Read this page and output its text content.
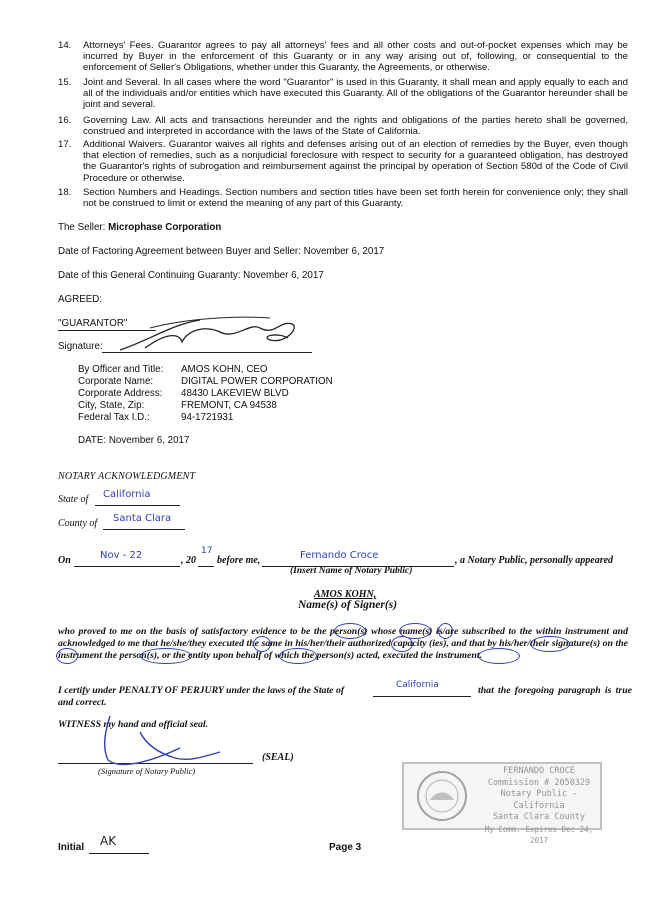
14. Attorneys' Fees. Guarantor agrees to pay all attorneys' fees and all other costs and out-of-pocket expenses which may be incurred by Buyer in the enforcement of this Guaranty or in any way arising out of, following, or consequential to the enforcement of Seller's Obligations, whether under this Guaranty, the Agreements, or otherwise.
15. Joint and Several. In all cases where the word "Guarantor" is used in this Guaranty, it shall mean and apply equally to each and all of the individuals and/or entities which have executed this Guaranty. All of the obligations of the Guarantor hereunder shall be joint and several.
16. Governing Law. All acts and transactions hereunder and the rights and obligations of the parties hereto shall be governed, construed and interpreted in accordance with the laws of the State of California.
17. Additional Waivers. Guarantor waives all rights and defenses arising out of an election of remedies by the Buyer, even though that election of remedies, such as a nonjudicial foreclosure with respect to security for a guaranteed obligation, has destroyed the Guarantor's rights of subrogation and reimbursement against the principal by operation of Section 580d of the Code of Civil Procedure or otherwise.
18. Section Numbers and Headings. Section numbers and section titles have been set forth herein for convenience only; they shall not be construed to limit or extend the meaning of any part of this Guaranty.
The Seller: Microphase Corporation
Date of Factoring Agreement between Buyer and Seller: November 6, 2017
Date of this General Continuing Guaranty: November 6, 2017
AGREED:
"GUARANTOR"
Signature:
By Officer and Title:	AMOS KOHN, CEO
Corporate Name:	DIGITAL POWER CORPORATION
Corporate Address:	48430 LAKEVIEW BLVD
City, State, Zip:	FREMONT, CA 94538
Federal Tax I.D.:	94-1721931
DATE: November 6, 2017
NOTARY ACKNOWLEDGMENT
State of California
County of Santa Clara
On	Nov - 22	, 20
17
before me,	Fernando Croce	, a Notary Public, personally appeared
(Insert Name of Notary Public)
AMOS KOHN,
Name(s) of Signer(s)
who proved to me on the basis of satisfactory evidence to be the person(s) whose name(s) is/are subscribed to the within instrument and acknowledged to me that he/she/they executed the same in his/her/their authorized capacity (ies), and that by his/her/their signature(s) on the instrument the person(s), or the entity upon behalf of which the person(s) acted, executed the instrument.
I certify under PENALTY OF PERJURY under the laws of the State of	California	that the foregoing paragraph is true and correct.
WITNESS my hand and official seal.
(SEAL)
(Signature of Notary Public)	FERNANDO CROCE
Commission # 2050329
Notary Public - California
Santa Clara County
My Comm. Expires Dec 24, 2017
Initial AK	Page 3
